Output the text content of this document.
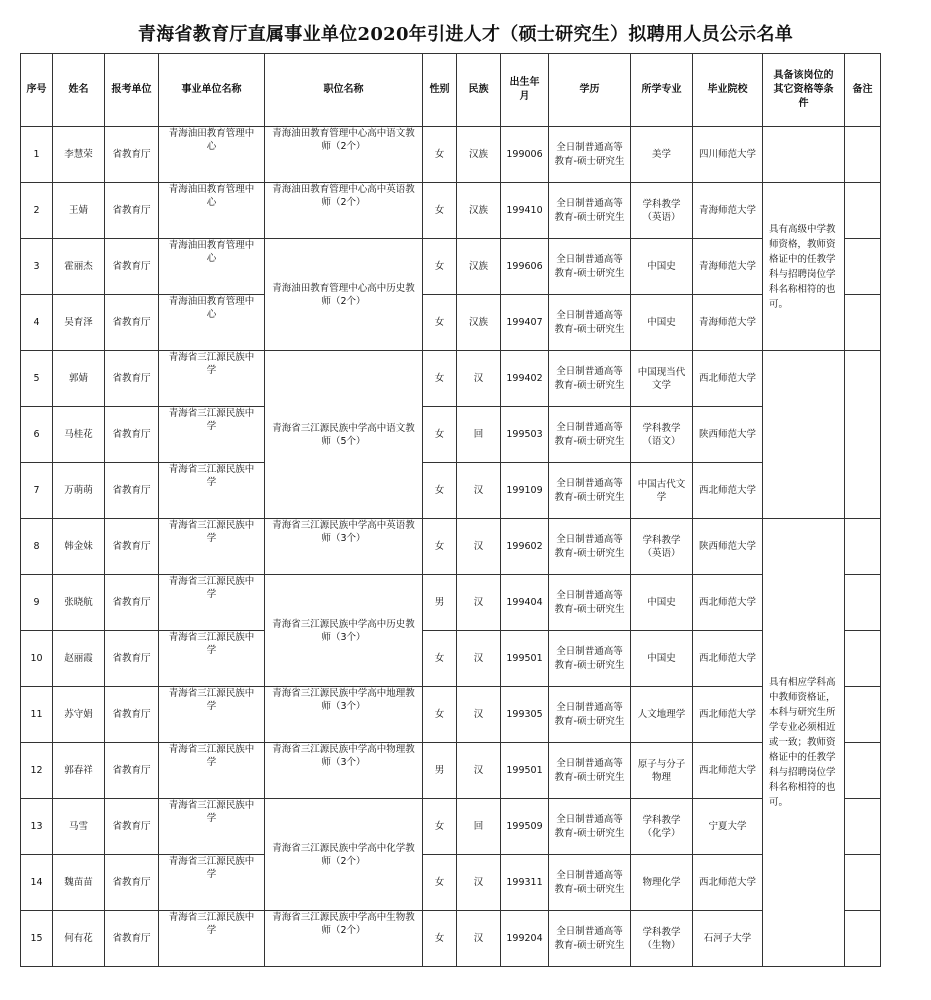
青海省教育厅直属事业单位2020年引进人才（硕士研究生）拟聘用人员公示名单
序号	姓名	报考单位	事业单位名称	职位名称	性别	民族	出生年月	学历	所学专业	毕业院校	具备该岗位的其它资格等条件	备注	
1	李慧荣	省教育厅	青海油田教育管理中心	青海油田教育管理中心高中语文教师（2个）	女	汉族	199006	全日制普通高等教育-硕士研究生	美学	四川师范大学			
2	王婧	省教育厅	青海油田教育管理中心	青海油田教育管理中心高中英语教师（2个）	女	汉族	199410	全日制普通高等教育-硕士研究生	学科教学（英语）	青海师范大学	具有高级中学教师资格，教师资格证中的任教学科与招聘岗位学科名称相符的也可。		
3	霍丽杰	省教育厅	青海油田教育管理中心	青海油田教育管理中心高中历史教师（2个）	女	汉族	199606	全日制普通高等教育-硕士研究生	中国史	青海师范大学			
4	吴育泽	省教育厅	青海油田教育管理中心		女	汉族	199407	全日制普通高等教育-硕士研究生	中国史	青海师范大学			
5	郭婧	省教育厅	青海省三江源民族中学	青海省三江源民族中学高中语文教师（5个）	女	汉	199402	全日制普通高等教育-硕士研究生	中国现当代文学	西北师范大学			
6	马桂花	省教育厅	青海省三江源民族中学		女	回	199503	全日制普通高等教育-硕士研究生	学科教学（语文）	陕西师范大学			
7	万萌萌	省教育厅	青海省三江源民族中学		女	汉	199109	全日制普通高等教育-硕士研究生	中国古代文学	西北师范大学			
8	韩金妹	省教育厅	青海省三江源民族中学	青海省三江源民族中学高中英语教师（3个）	女	汉	199602	全日制普通高等教育-硕士研究生	学科教学（英语）	陕西师范大学	具有相应学科高中教师资格证，本科与研究生所学专业必须相近或一致；教师资格证中的任教学科与招聘岗位学科名称相符的也可。		
9	张晓航	省教育厅	青海省三江源民族中学	青海省三江源民族中学高中历史教师（3个）	男	汉	199404	全日制普通高等教育-硕士研究生	中国史	西北师范大学			
10	赵丽霞	省教育厅	青海省三江源民族中学		女	汉	199501	全日制普通高等教育-硕士研究生	中国史	西北师范大学			
11	苏守娟	省教育厅	青海省三江源民族中学	青海省三江源民族中学高中地理教师（3个）	女	汉	199305	全日制普通高等教育-硕士研究生	人文地理学	西北师范大学			
12	郭春祥	省教育厅	青海省三江源民族中学	青海省三江源民族中学高中物理教师（3个）	男	汉	199501	全日制普通高等教育-硕士研究生	原子与分子物理	西北师范大学			
13	马雪	省教育厅	青海省三江源民族中学	青海省三江源民族中学高中化学教师（2个）	女	回	199509	全日制普通高等教育-硕士研究生	学科教学（化学）	宁夏大学			
14	魏苗苗	省教育厅	青海省三江源民族中学		女	汉	199311	全日制普通高等教育-硕士研究生	物理化学	西北师范大学			
15	何有花	省教育厅	青海省三江源民族中学	青海省三江源民族中学高中生物教师（2个）	女	汉	199204	全日制普通高等教育-硕士研究生	学科教学（生物）	石河子大学			
